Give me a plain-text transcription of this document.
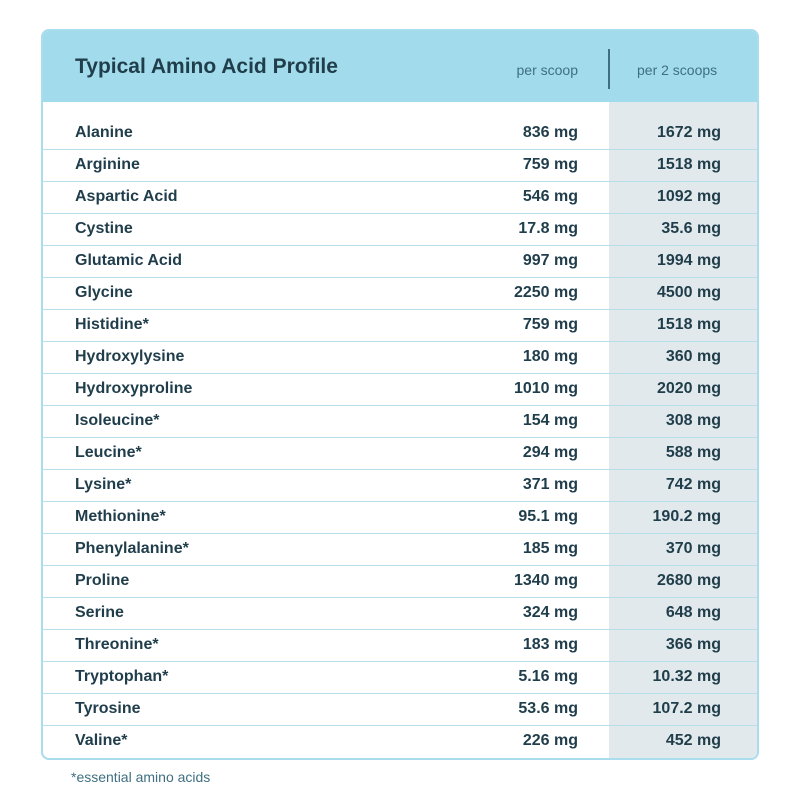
Typical Amino Acid Profile	per scoop	per 2 scoops
Alanine	836 mg	1672 mg
Arginine	759 mg	1518 mg
Aspartic Acid	546 mg	1092 mg
Cystine	17.8 mg	35.6 mg
Glutamic Acid	997 mg	1994 mg
Glycine	2250 mg	4500 mg
Histidine*	759 mg	1518 mg
Hydroxylysine	180 mg	360 mg
Hydroxyproline	1010 mg	2020 mg
Isoleucine*	154 mg	308 mg
Leucine*	294 mg	588 mg
Lysine*	371 mg	742 mg
Methionine*	95.1 mg	190.2 mg
Phenylalanine*	185 mg	370 mg
Proline	1340 mg	2680 mg
Serine	324 mg	648 mg
Threonine*	183 mg	366 mg
Tryptophan*	5.16 mg	10.32 mg
Tyrosine	53.6 mg	107.2 mg
Valine*	226 mg	452 mg
*essential amino acids
